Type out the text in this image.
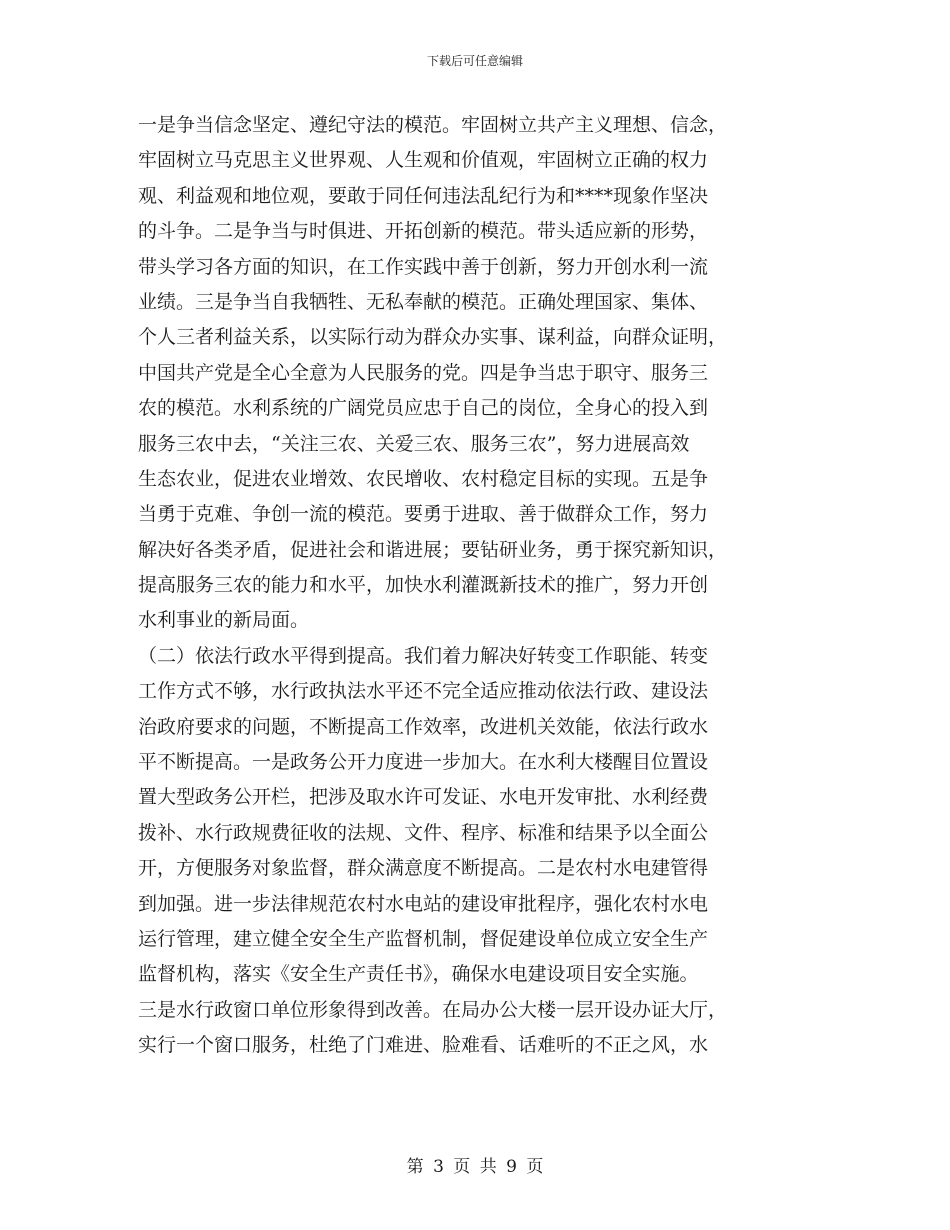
下载后可任意编辑
一是争当信念坚定、遵纪守法的模范。牢固树立共产主义理想、信念，
牢固树立马克思主义世界观、人生观和价值观，牢固树立正确的权力
观、利益观和地位观，要敢于同任何违法乱纪行为和****现象作坚决
的斗争。二是争当与时俱进、开拓创新的模范。带头适应新的形势，
带头学习各方面的知识，在工作实践中善于创新，努力开创水利一流
业绩。三是争当自我牺牲、无私奉献的模范。正确处理国家、集体、
个人三者利益关系，以实际行动为群众办实事、谋利益，向群众证明，
中国共产党是全心全意为人民服务的党。四是争当忠于职守、服务三
农的模范。水利系统的广阔党员应忠于自己的岗位，全身心的投入到
服务三农中去，“关注三农、关爱三农、服务三农”，努力进展高效
生态农业，促进农业增效、农民增收、农村稳定目标的实现。五是争
当勇于克难、争创一流的模范。要勇于进取、善于做群众工作，努力
解决好各类矛盾，促进社会和谐进展；要钻研业务，勇于探究新知识，
提高服务三农的能力和水平，加快水利灌溉新技术的推广，努力开创
水利事业的新局面。
（二）依法行政水平得到提高。我们着力解决好转变工作职能、转变
工作方式不够，水行政执法水平还不完全适应推动依法行政、建设法
治政府要求的问题，不断提高工作效率，改进机关效能，依法行政水
平不断提高。一是政务公开力度进一步加大。在水利大楼醒目位置设
置大型政务公开栏，把涉及取水许可发证、水电开发审批、水利经费
拨补、水行政规费征收的法规、文件、程序、标准和结果予以全面公
开，方便服务对象监督，群众满意度不断提高。二是农村水电建管得
到加强。进一步法律规范农村水电站的建设审批程序，强化农村水电
运行管理，建立健全安全生产监督机制，督促建设单位成立安全生产
监督机构，落实《安全生产责任书》，确保水电建设项目安全实施。
三是水行政窗口单位形象得到改善。在局办公大楼一层开设办证大厅，
实行一个窗口服务，杜绝了门难进、脸难看、话难听的不正之风，水
第 3 页 共 9 页
